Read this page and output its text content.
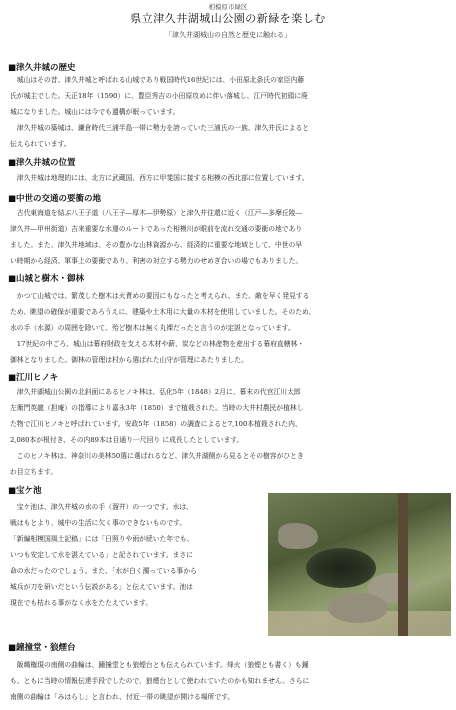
相模原市緑区
県立津久井湖城山公園の新緑を楽しむ
「津久井湖城山の自然と歴史に触れる」
■津久井城の歴史
　城山はその昔、津久井城と呼ばれる山城であり戦国時代16世紀には、小田原北条氏の家臣内藤
氏が城主でした。天正18年（1590）に、豊臣秀吉の小田原攻めに伴い落城し、江戸時代初頭に廃
城になりました。城山には今でも遺構が眠っています。
　津久井城の築城は、鎌倉時代三浦半島一帯に勢力を誇っていた三浦氏の一族、津久井氏によると
伝えられています。
■津久井城の位置
　津久井城は地理的には、北方に武蔵国、西方に甲斐国に接する相模の西北部に位置しています。
■中世の交通の要衝の地
　古代東海道を結ぶ八王子道（八王子―厚木―伊勢原）と津久井往還に近く（江戸―多摩丘陵―
津久井―甲州街道）吉来重要な水運のルートであった相模川が眼前を流れ交通の要衝の地であり
ました。また、津久井地域は、その豊かな山林資源から、経済的に重要な地域として、中世の早
い時期から経済、軍事上の要衝であり、利害の対立する勢力のせめぎ合いの場でもありました。
■山城と樹木・御林
　かつて山城では、繁茂した樹木は火責めの要因にもなったと考えられ、また、敵を早く発見する
ため、眺望の確保が重要であろうえに、建築や土木用に大量の木材を使用していました。そのため、
水の手（水源）の周囲を除いて、殆ど樹木は無く丸裸だったと言うのが定説となっています。
　17世紀の中ごろ、城山は幕府財政を支える木材や薪、炭などの林産物を産出する幕府直轄林・
御林となりました。御林の管理は村から選ばれた山守が管理にあたりました。
■江川ヒノキ
　津久井湖城山公園の北斜面にあるヒノキ林は、弘化5年（1848）2月に、幕末の代官江川太郎
左衛門英龍（担庵）の指導により嘉永3年（1850）まで植栽された。当時の大井村農民が植林し
た物で江川ヒノキと呼ばれています。安政5年（1858）の調査によると7,100本植栽された内、
2,080本が根付き、その内89本は目通り一尺回り に成長したとしています。
　このヒノキ林は、神奈川の美林50選に選ばれるなど、津久井湖側から見るとその樹容がひとき
わ目立ちます。
■宝ケ池
　宝ケ池は、津久井城の水の手（溜井）の一つです。水は、
戦はもとより、城中の生活に欠く事のできないものです。
「新編相模国風土記稿」には「日照りや雨が続いた年でも、
いつも安定して水を湛えている」と記されています。まさに
命の水だったのでしょう。また、「水が白く濁っている事から
城兵が刀を研いだという伝説がある」と伝えています。池は
現在でも枯れる事がなく水をたたえています。
■鐘撞堂・狼煙台
　飯縄権現の南側の曲輪は、鐘撞堂とも狼煙台とも伝えられています。烽火（狼煙とも書く）も鐘
も、ともに当時の情報伝達手段でしたので、狼煙台として使われていたのかも知れません。さらに
南側の曲輪は「みはらし」と言われ、付近一帯の眺望が開ける場所です。
